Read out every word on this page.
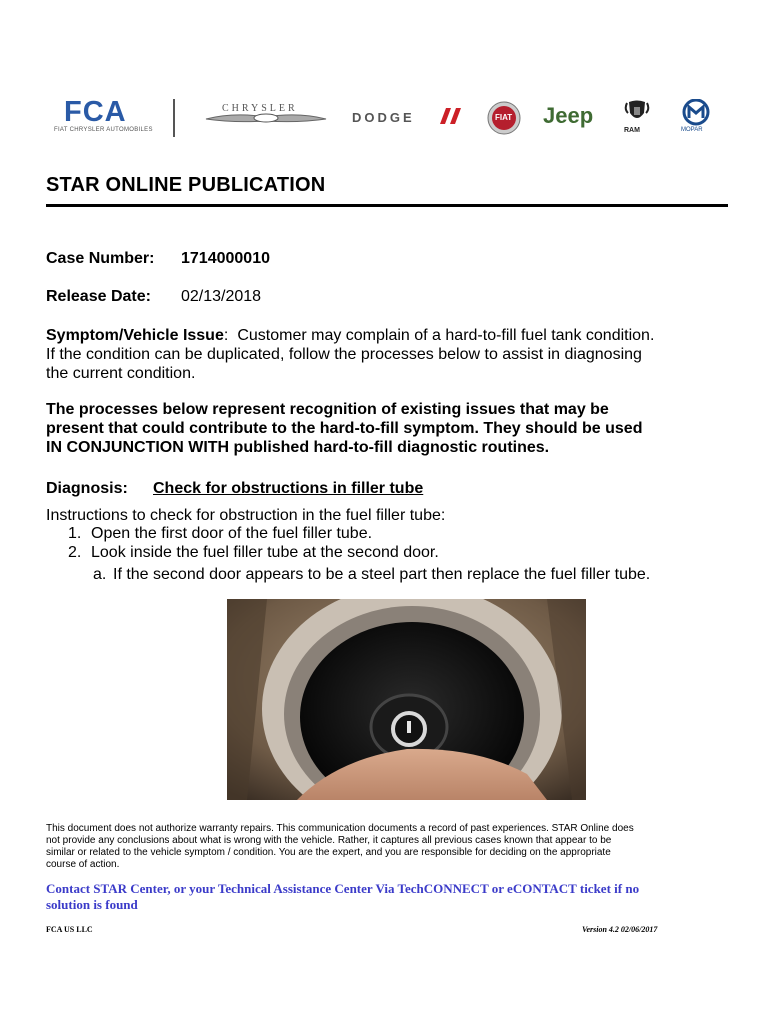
FCA
FIAT CHRYSLER AUTOMOBILES
CHRYSLER
DODGE	FIAT Jeep
RAM	MOPAR
STAR ONLINE PUBLICATION
Case Number: 1714000010
Release Date: 02/13/2018
Symptom/Vehicle Issue: Customer may complain of a hard-to-fill fuel tank condition.
If the condition can be duplicated, follow the processes below to assist in diagnosing
the current condition.
The processes below represent recognition of existing issues that may be
present that could contribute to the hard-to-fill symptom. They should be used
IN CONJUNCTION WITH published hard-to-fill diagnostic routines.
Diagnosis: Check for obstructions in filler tube
Instructions to check for obstruction in the fuel filler tube:
1. Open the first door of the fuel filler tube.
2. Look inside the fuel filler tube at the second door.
a. If the second door appears to be a steel part then replace the fuel filler tube.
This document does not authorize warranty repairs. This communication documents a record of past experiences. STAR Online does
not provide any conclusions about what is wrong with the vehicle. Rather, it captures all previous cases known that appear to be
similar or related to the vehicle symptom / condition. You are the expert, and you are responsible for deciding on the appropriate
course of action.
Contact STAR Center, or your Technical Assistance Center Via TechCONNECT or eCONTACT ticket if no
solution is found
FCA US LLC	Version 4.2 02/06/2017
